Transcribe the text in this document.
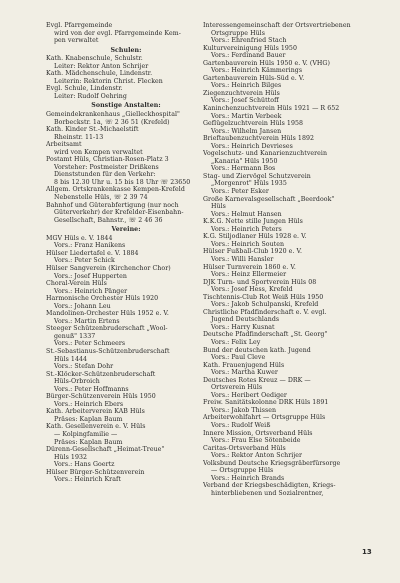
Evgl. Pfarrgemeinde
wird von der evgl. Pfarrgemeinde Kem-
pen verwaltet
Schulen:
Kath. Knabenschule, Schulstr.
Leiter: Rektor Anton Schrijer
Kath. Mädchenschule, Lindenstr.
Leiterin: Rektorin Christ. Flecken
Evgl. Schule, Lindenstr.
Leiter: Rudolf Oehring
Sonstige Anstalten:
Gemeindekrankenhaus „Gielleckhospital"
Borbeckstr. 1a, ☏ 2 36 51 (Krefeld)
Kath. Kinder St.-Michaelstift
Rheinstr. 11-13
Arbeitsamt
wird von Kempen verwaltet
Postamt Hüls, Christian-Rosen-Platz 3
Vorsteher: Postmeister Drißkens
Dienststunden für den Verkehr:
8 bis 12.30 Uhr u. 15 bis 18 Uhr ☏ 23650
Allgem. Ortskrankenkasse Kempen-Krefeld
Nebenstelle Hüls, ☏ 2 39 74
Bahnhof und Güterabfertigung (nur noch
Güterverkehr) der Krefelder-Eisenbahn-
Gesellschaft, Bahnstr., ☏ 2 46 36
Vereine:
MGV Hüls e. V. 1844
Vors.: Franz Hanikens
Hülser Liedertafel e. V. 1884
Vors.: Peter Schick
Hülser Sangverein (Kirchenchor Chor)
Vors.: Josef Hupperten
Choral-Verein Hüls
Vors.: Heinrich Pänger
Harmonische Orchester Hüls 1920
Vors.: Johann Leu
Mandolinen-Orchester Hüls 1952 e. V.
Vors.: Martin Ertens
Steeger Schützenbruderschaft „Wool-
genuß" 1337
Vors.: Peter Schmeers
St.-Sebastianus-Schützenbruderschaft
Hüls 1444
Vors.: Stefan Dohr
St.-Klöcker-Schützenbruderschaft
Hüls-Orbroich
Vors.: Peter Hoffmanns
Bürger-Schützenverein Hüls 1950
Vors.: Heinrich Ebers
Kath. Arbeiterverein KAB Hüls
Präses: Kaplan Baum
Kath. Gesellenverein e. V. Hüls
— Kolpingfamilie —
Präses: Kaplan Baum
Dürenn-Gesellschaft „Heimat-Treue"
Hüls 1932
Vors.: Hans Goertz
Hülser Bürger-Schützenverein
Vors.: Heinrich Kraft
Interessengemeinschaft der Ortsvertriebenen
Ortsgruppe Hüls
Vors.: Ehrenfried Stach
Kulturvereinigung Hüls 1950
Vors.: Ferdinand Bauer
Gartenbauverein Hüls 1950 e. V. (VHG)
Vors.: Heinrich Kämmerings
Gartenbauverein Hüls-Süd e. V.
Vors.: Heinrich Bilges
Ziegenzuchtverein Hüls
Vors.: Josef Schüttoff
Kaninchenzuchtverein Hüls 1921 — R 652
Vors.: Martin Verbeek
Geflügelzuchtverein Hüls 1958
Vors.: Wilhelm Jansen
Brieftaubenzuchtverein Hüls 1892
Vors.: Heinrich Devrieses
Vogelschutz- und Kanarienzuchtverein
„Kanaria" Hüls 1950
Vors.: Hermann Bos
Stag- und Ziervögel Schutzverein
„Morgenrot" Hüls 1935
Vors.: Peter Esker
Große Karnevalsgesellschaft „Beerdook"
Hüls
Vors.: Helmut Hansen
K.K.G. Nette stille Jungen Hüls
Vors.: Heinrich Peters
K.G. Stiljodlaner Hüls 1928 e. V.
Vors.: Heinrich Souten
Hülser Fußball-Club 1920 e. V.
Vors.: Willi Hansler
Hülser Turnverein 1860 e. V.
Vors.: Heinz Ellermeier
DJK Turn- und Sportverein Hüls 08
Vors.: Josef Hess, Krefeld
Tischtennis-Club Rot Weiß Hüls 1950
Vors.: Jakob Schulpanski, Krefeld
Christliche Pfadfinderschaft e. V. evgl.
Jugend Deutschlands
Vors.: Harry Kusnat
Deutsche Pfadfinderschaft „St. Georg"
Vors.: Felix Ley
Bund der deutschen kath. Jugend
Vors.: Paul Cleve
Kath. Frauenjugend Hüls
Vors.: Martha Kuwer
Deutsches Rotes Kreuz — DRK —
Ortsverein Hüls
Vors.: Heribert Oediger
Freiw. Sanitätskolonne DRK Hüls 1891
Vors.: Jakob Thissen
Arbeiterwohlfahrt — Ortsgruppe Hüls
Vors.: Rudolf Weiß
Innere Mission, Ortsverband Hüls
Vors.: Frau Else Sötenbeide
Caritas-Ortsverband Hüls
Vors.: Rektor Anton Schrijer
Volksbund Deutsche Kriegsgräberfürsorge
— Ortsgruppe Hüls
Vors.: Heinrich Brands
Verband der Kriegsbeschädigten, Kriegs-
hinterbliebenen und Sozialrentner,
13
